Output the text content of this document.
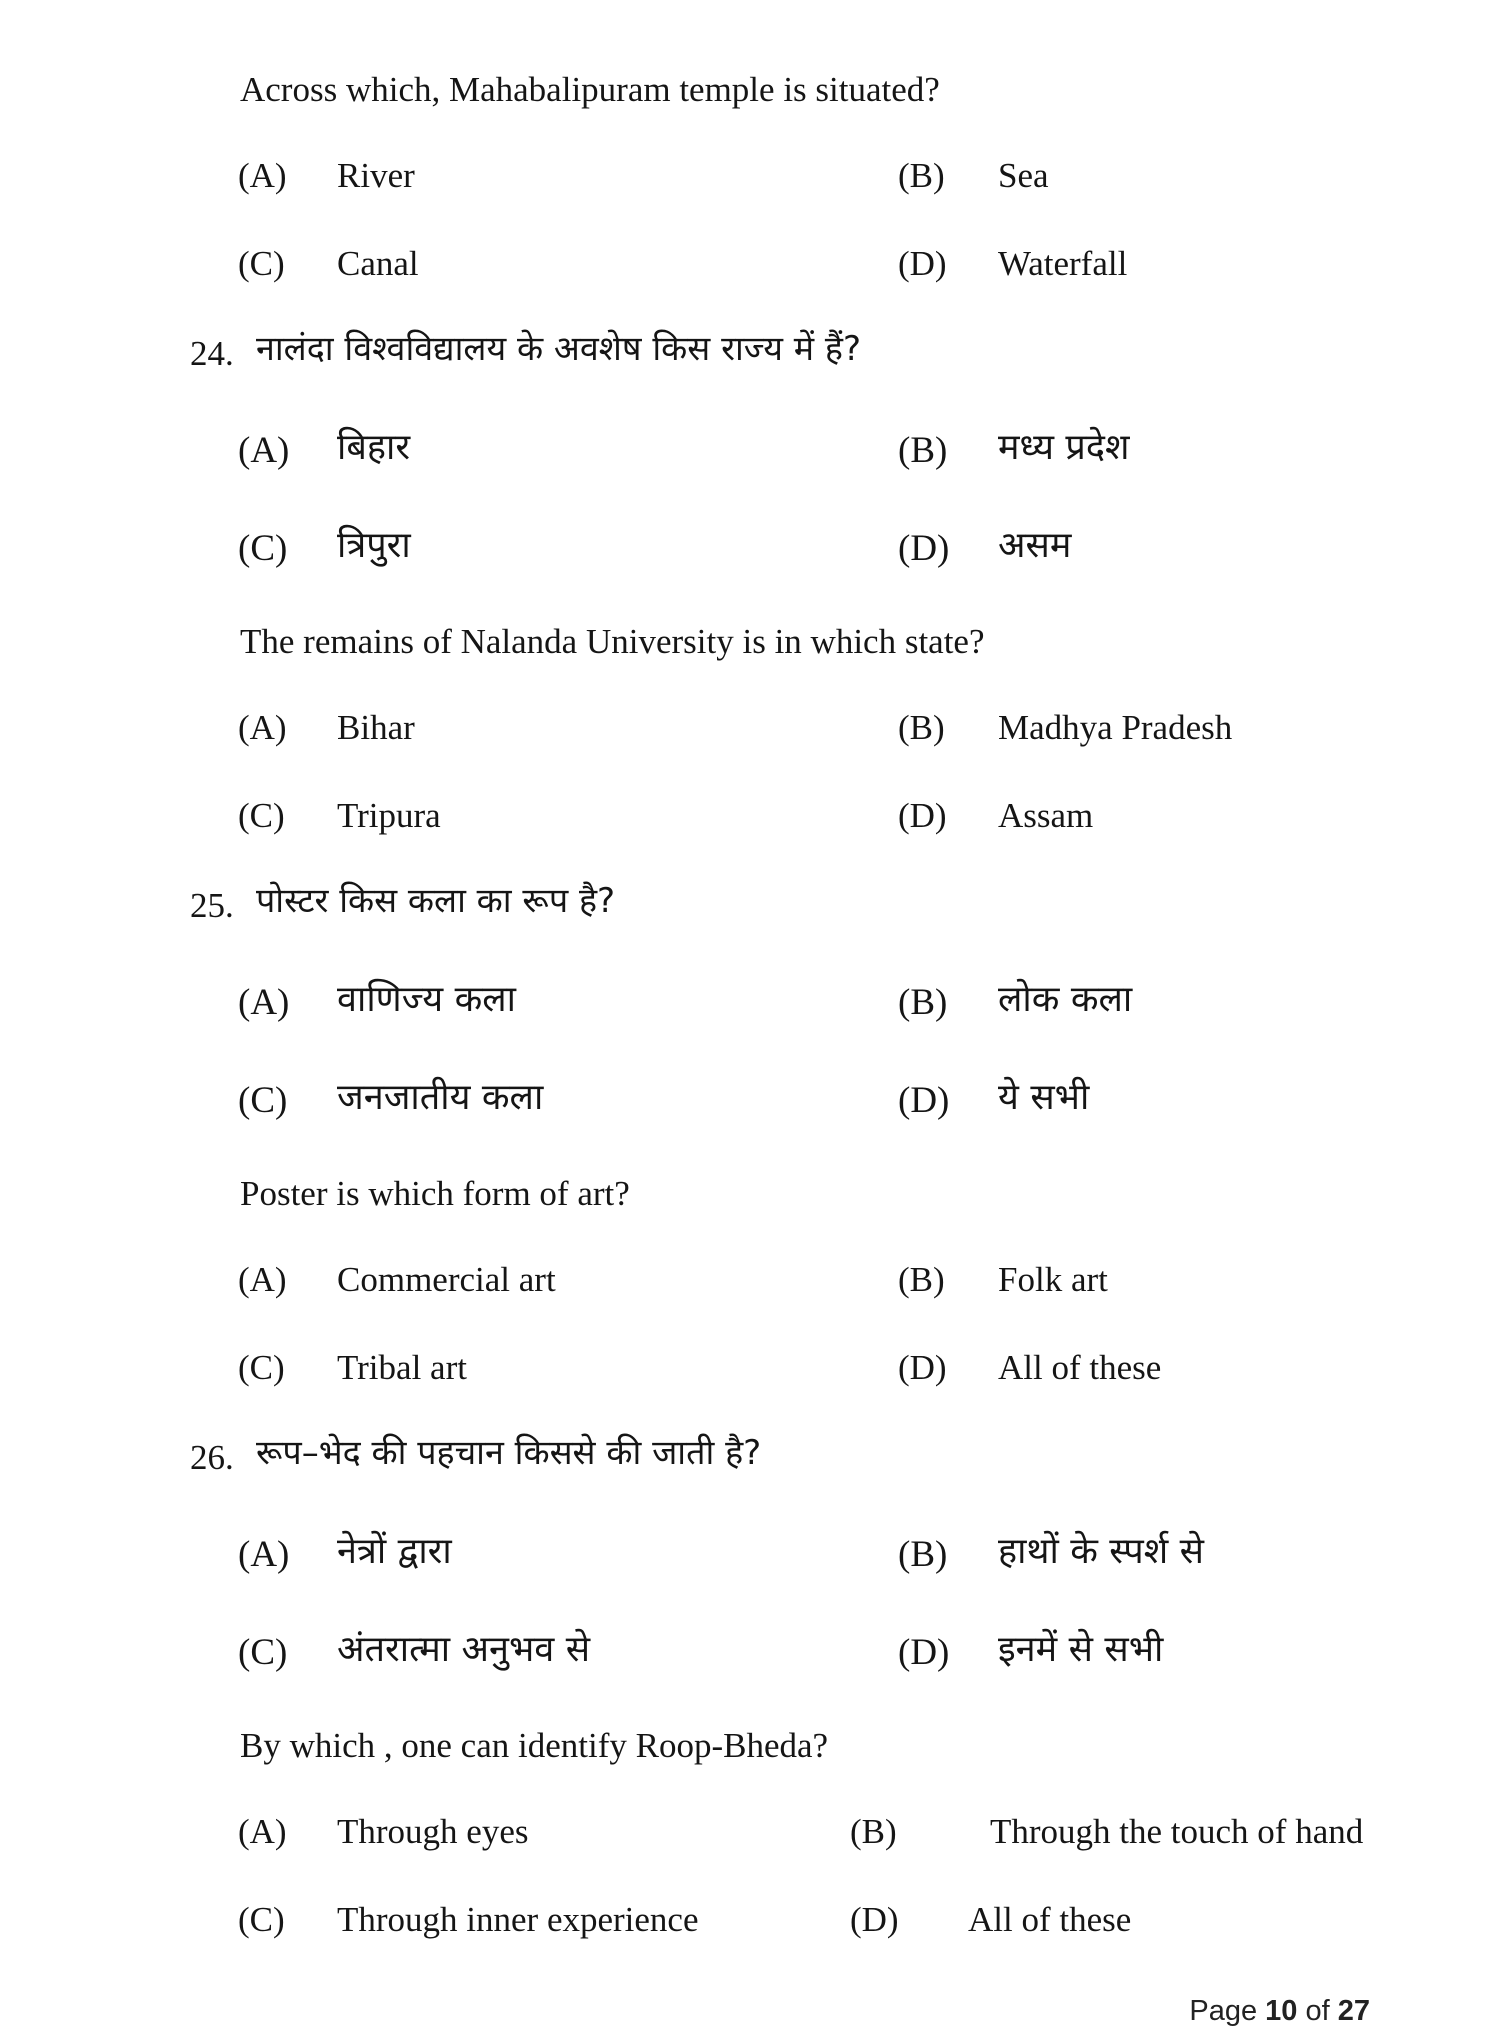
Across which, Mahabalipuram temple is situated?
(A) River	(B) Sea
(C) Canal	(D) Waterfall
24. नालंदा विश्वविद्यालय के अवशेष किस राज्य में हैं?
(A) बिहार	(B) मध्य प्रदेश
(C) त्रिपुरा	(D) असम
The remains of Nalanda University is in which state?
(A) Bihar	(B) Madhya Pradesh
(C) Tripura	(D) Assam
25. पोस्टर किस कला का रूप है?
(A) वाणिज्य कला	(B) लोक कला
(C) जनजातीय कला	(D) ये सभी
Poster is which form of art?
(A) Commercial art	(B) Folk art
(C) Tribal art	(D) All of these
26. रूप–भेद की पहचान किससे की जाती है?
(A) नेत्रों द्वारा	(B) हाथों के स्पर्श से
(C) अंतरात्मा अनुभव से	(D) इनमें से सभी
By which , one can identify Roop-Bheda?
(A) Through eyes	(B)	Through the touch of hand
(C) Through inner experience	(D) All of these
Page 10 of 27
